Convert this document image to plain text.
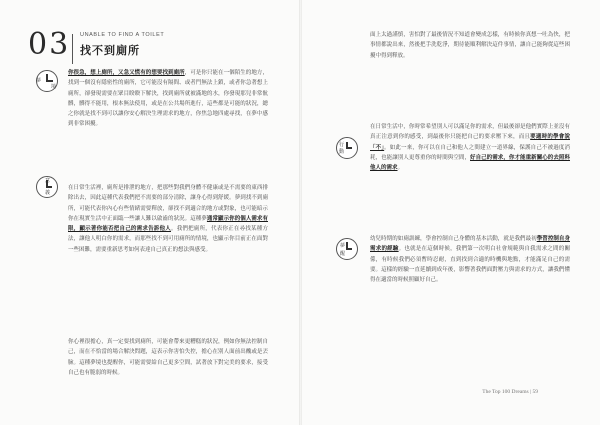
03 UNABLE TO FIND A TOILET
找不到廁所
夢
境
意
義
行
動
夢
醒
你很急，想上廁所，又急又慌有的想要找到廁所，可是你只能在一個陌生的地方，找到一個沒有隱密性的廁所，它可能沒有隔間、或者門無法上鎖，或者你急著想上廁所，卻發現需要在眾目睽睽下解決，找到廁所就被滿地的水，你發現那兒非常骯髒，髒得不能用，根本無法使用，或是在公共場所進行，這些都是可能的狀況，總之你就是找不到可以讓你安心解決生理需求的地方，你焦急地四處尋找，在夢中感到非常困擾。
在日常生活裡，廁所是排泄的地方，把那些對我們身體不健康或是不需要的東西排除出去，因此這種代表我們把不需要的部分清除，讓身心得到舒緩。夢到找不到廁所，可能代表你內心有些情緒需要釋放，卻找不到適合的地方或對象，也可能暗示你在現實生活中正面臨一些讓人難以啟齒的狀況。這種夢通常顯示你的個人需求有限，顯示著你能否把自己的需求告訴他人。我們把廁所，代表你正在尋找某種方法，讓他人明白你的需求，而那些找不到可用廁所的情境，也顯示你目前正在面對一些困難，需要重新思考如何表達自己真正的想法與感受。
你心裡很擔心，真一定要找到廁所，可能會帶來更糟糕的狀況，例如你無法控制自己，而在不恰當的場合解決問題，這表示你害怕失控，擔心在別人面前出醜或是丟臉。這種夢境也提醒你，可能需要給自己更多空間，試著放下對完美的要求，接受自己也有脆弱的時候。
面上太過謹慎，害怕對了最後情況不知道會變成怎樣，有時候你真想一吐為快，把事情都說出來，然後把手洗乾淨，期待能順利解決這件事情，讓自己能夠從這些困擾中得到釋放。
在日常生活中，你時常希望別人可以滿足你的需求，但最後卻是他們實際上並沒有真正注意到你的感受，到最後你只能把自己的要求壓下來，而且要適時的學會說「不」。如此一來，你可以在自己和他人之間建立一道界線，保護自己不被過度消耗，也能讓別人更尊重你的時間與空間，好自己的需求，你才能重新關心的去照料他人的需求。
幼兒時期的如廁訓練，學會控制自己身體的基本活動，就是我們最初學習控制自身需求的經驗。也就是在這個時候，我們第一次明白社會規範與自我需求之間的關係，有時候我們必須暫時忍耐，直到找到合適的時機與地點，才能滿足自己的需要。這樣的經驗一直延續到成年後，影響著我們面對壓力與需求的方式，讓我們懂得在適當的時候照顧好自己。
The Top 100 Dreams | 59
